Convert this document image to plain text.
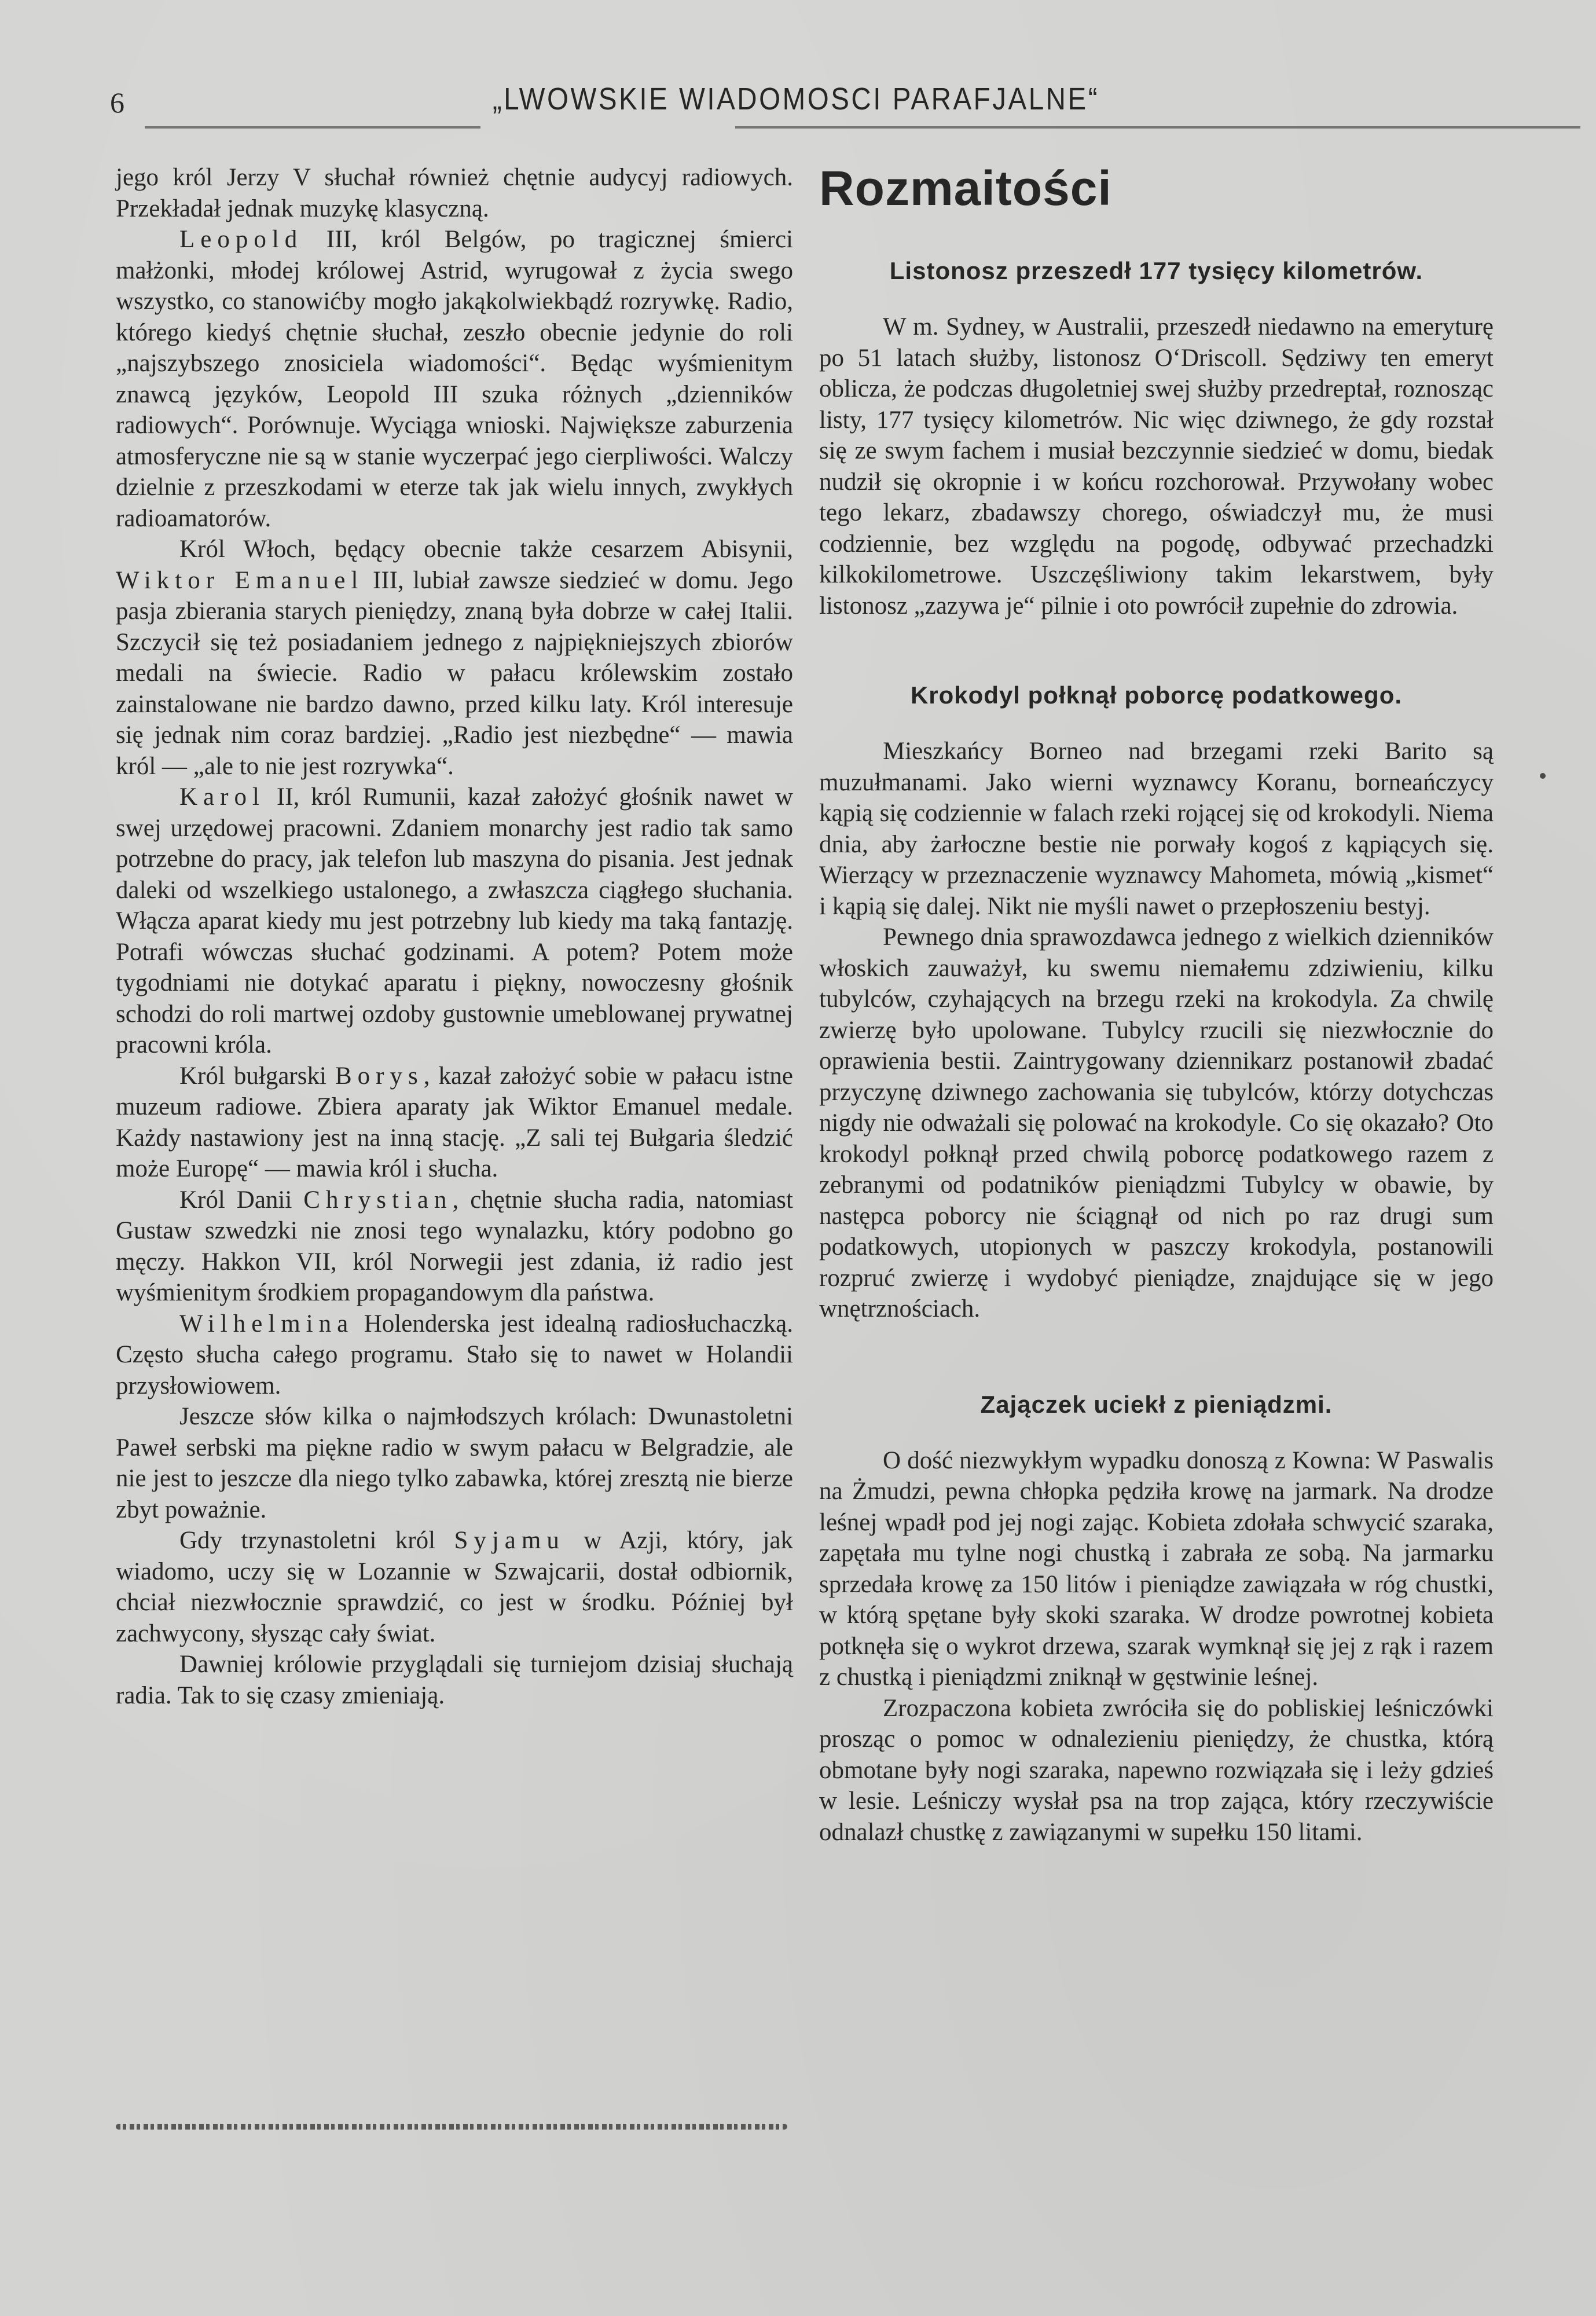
6	„LWOWSKIE WIADOMOSCI PARAFJALNE“

jego król Jerzy V słuchał również chętnie audycyj radiowych. Przekładał jednak muzykę klasyczną.

Leopold III, król Belgów, po tragicznej śmierci małżonki, młodej królowej Astrid, wyrugował z życia swego wszystko, co stanowićby mogło jakąkolwiekbądź rozrywkę. Radio, którego kiedyś chętnie słuchał, zeszło obecnie jedynie do roli „najszybszego znosiciela wiadomości“. Będąc wyśmienitym znawcą języków, Leopold III szuka różnych „dzienników radiowych“. Porównuje. Wyciąga wnioski. Największe zaburzenia atmosferyczne nie są w stanie wyczerpać jego cierpliwości. Walczy dzielnie z przeszkodami w eterze tak jak wielu innych, zwykłych radioamatorów.

Król Włoch, będący obecnie także cesarzem Abisynii, Wiktor Emanuel III, lubiał zawsze siedzieć w domu. Jego pasja zbierania starych pieniędzy, znaną była dobrze w całej Italii. Szczycił się też posiadaniem jednego z najpiękniejszych zbiorów medali na świecie. Radio w pałacu królewskim zostało zainstalowane nie bardzo dawno, przed kilku laty. Król interesuje się jednak nim coraz bardziej. „Radio jest niezbędne“ — mawia król — „ale to nie jest rozrywka“.

Karol II, król Rumunii, kazał założyć głośnik nawet w swej urzędowej pracowni. Zdaniem monarchy jest radio tak samo potrzebne do pracy, jak telefon lub maszyna do pisania. Jest jednak daleki od wszelkiego ustalonego, a zwłaszcza ciągłego słuchania. Włącza aparat kiedy mu jest potrzebny lub kiedy ma taką fantazję. Potrafi wówczas słuchać godzinami. A potem? Potem może tygodniami nie dotykać aparatu i piękny, nowoczesny głośnik schodzi do roli martwej ozdoby gustownie umeblowanej prywatnej pracowni króla.

Król bułgarski Borys, kazał założyć sobie w pałacu istne muzeum radiowe. Zbiera aparaty jak Wiktor Emanuel medale. Każdy nastawiony jest na inną stację. „Z sali tej Bułgaria śledzić może Europę“ — mawia król i słucha.

Król Danii Chrystian, chętnie słucha radia, natomiast Gustaw szwedzki nie znosi tego wynalazku, który podobno go męczy. Hakkon VII, król Norwegii jest zdania, iż radio jest wyśmienitym środkiem propagandowym dla państwa.

Wilhelmina Holenderska jest idealną radiosłuchaczką. Często słucha całego programu. Stało się to nawet w Holandii przysłowiowem.

Jeszcze słów kilka o najmłodszych królach: Dwunastoletni Paweł serbski ma piękne radio w swym pałacu w Belgradzie, ale nie jest to jeszcze dla niego tylko zabawka, której zresztą nie bierze zbyt poważnie.

Gdy trzynastoletni król Syjamu w Azji, który, jak wiadomo, uczy się w Lozannie w Szwajcarii, dostał odbiornik, chciał niezwłocznie sprawdzić, co jest w środku. Później był zachwycony, słysząc cały świat.

Dawniej królowie przyglądali się turniejom dzisiaj słuchają radia. Tak to się czasy zmieniają.

Rozmaitości
Listonosz przeszedł 177 tysięcy kilometrów.

W m. Sydney, w Australii, przeszedł niedawno na emeryturę po 51 latach służby, listonosz O‘Driscoll. Sędziwy ten emeryt oblicza, że podczas długoletniej swej służby przedreptał, roznosząc listy, 177 tysięcy kilometrów. Nic więc dziwnego, że gdy rozstał się ze swym fachem i musiał bezczynnie siedzieć w domu, biedak nudził się okropnie i w końcu rozchorował. Przywołany wobec tego lekarz, zbadawszy chorego, oświadczył mu, że musi codziennie, bez względu na pogodę, odbywać przechadzki kilkokilometrowe. Uszczęśliwiony takim lekarstwem, były listonosz „zazywa je“ pilnie i oto powrócił zupełnie do zdrowia.

Krokodyl połknął poborcę podatkowego.

Mieszkańcy Borneo nad brzegami rzeki Barito są muzułmanami. Jako wierni wyznawcy Koranu, borneańczycy kąpią się codziennie w falach rzeki rojącej się od krokodyli. Niema dnia, aby żarłoczne bestie nie porwały kogoś z kąpiących się. Wierzący w przeznaczenie wyznawcy Mahometa, mówią „kismet“ i kąpią się dalej. Nikt nie myśli nawet o przepłoszeniu bestyj.

Pewnego dnia sprawozdawca jednego z wielkich dzienników włoskich zauważył, ku swemu niemałemu zdziwieniu, kilku tubylców, czyhających na brzegu rzeki na krokodyla. Za chwilę zwierzę było upolowane. Tubylcy rzucili się niezwłocznie do oprawienia bestii. Zaintrygowany dziennikarz postanowił zbadać przyczynę dziwnego zachowania się tubylców, którzy dotychczas nigdy nie odważali się polować na krokodyle. Co się okazało? Oto krokodyl połknął przed chwilą poborcę podatkowego razem z zebranymi od podatników pieniądzmi Tubylcy w obawie, by następca poborcy nie ściągnął od nich po raz drugi sum podatkowych, utopionych w paszczy krokodyla, postanowili rozpruć zwierzę i wydobyć pieniądze, znajdujące się w jego wnętrznościach.

Zajączek uciekł z pieniądzmi.

O dość niezwykłym wypadku donoszą z Kowna: W Paswalis na Żmudzi, pewna chłopka pędziła krowę na jarmark. Na drodze leśnej wpadł pod jej nogi zając. Kobieta zdołała schwycić szaraka, zapętała mu tylne nogi chustką i zabrała ze sobą. Na jarmarku sprzedała krowę za 150 litów i pieniądze zawiązała w róg chustki, w którą spętane były skoki szaraka. W drodze powrotnej kobieta potknęła się o wykrot drzewa, szarak wymknął się jej z rąk i razem z chustką i pieniądzmi zniknął w gęstwinie leśnej.

Zrozpaczona kobieta zwróciła się do pobliskiej leśniczówki prosząc o pomoc w odnalezieniu pieniędzy, że chustka, którą obmotane były nogi szaraka, napewno rozwiązała się i leży gdzieś w lesie. Leśniczy wysłał psa na trop zająca, który rzeczywiście odnalazł chustkę z zawiązanymi w supełku 150 litami.
